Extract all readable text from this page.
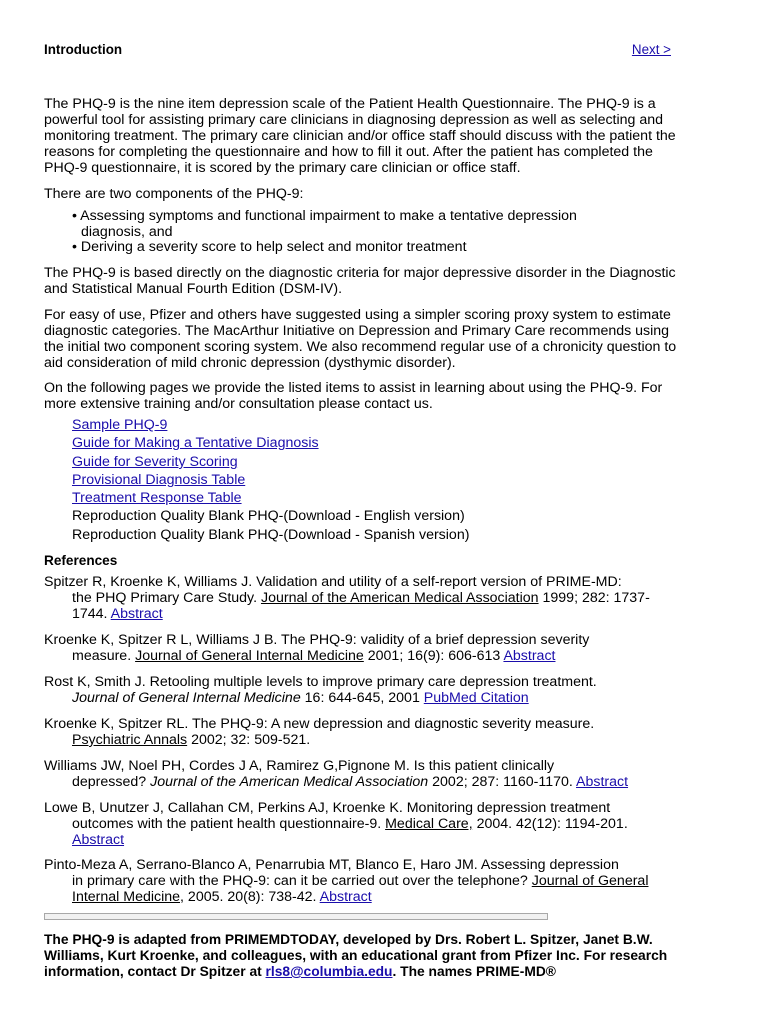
Introduction	Next >

The PHQ-9 is the nine item depression scale of the Patient Health Questionnaire. The PHQ-9 is a powerful tool for assisting primary care clinicians in diagnosing depression as well as selecting and monitoring treatment. The primary care clinician and/or office staff should discuss with the patient the reasons for completing the questionnaire and how to fill it out. After the patient has completed the PHQ-9 questionnaire, it is scored by the primary care clinician or office staff.

There are two components of the PHQ-9:

• Assessing symptoms and functional impairment to make a tentative depression
diagnosis, and

• Deriving a severity score to help select and monitor treatment

The PHQ-9 is based directly on the diagnostic criteria for major depressive disorder in the Diagnostic and Statistical Manual Fourth Edition (DSM-IV).

For easy of use, Pfizer and others have suggested using a simpler scoring proxy system to estimate diagnostic categories. The MacArthur Initiative on Depression and Primary Care recommends using the initial two component scoring system. We also recommend regular use of a chronicity question to aid consideration of mild chronic depression (dysthymic disorder).

On the following pages we provide the listed items to assist in learning about using the PHQ-9. For more extensive training and/or consultation please contact us.

Sample PHQ-9
Guide for Making a Tentative Diagnosis
Guide for Severity Scoring
Provisional Diagnosis Table
Treatment Response Table

Reproduction Quality Blank PHQ-(Download - English version)

Reproduction Quality Blank PHQ-(Download - Spanish version)

References

Spitzer R, Kroenke K, Williams J. Validation and utility of a self-report version of PRIME-MD:
the PHQ Primary Care Study. Journal of the American Medical Association 1999; 282: 1737-1744. Abstract

Kroenke K, Spitzer R L, Williams J B. The PHQ-9: validity of a brief depression severity
measure. Journal of General Internal Medicine 2001; 16(9): 606-613 Abstract

Rost K, Smith J. Retooling multiple levels to improve primary care depression treatment.
Journal of General Internal Medicine 16: 644-645, 2001 PubMed Citation

Kroenke K, Spitzer RL. The PHQ-9: A new depression and diagnostic severity measure.
Psychiatric Annals 2002; 32: 509-521.

Williams JW, Noel PH, Cordes J A, Ramirez G,Pignone M. Is this patient clinically
depressed? Journal of the American Medical Association 2002; 287: 1160-1170. Abstract

Lowe B, Unutzer J, Callahan CM, Perkins AJ, Kroenke K. Monitoring depression treatment
outcomes with the patient health questionnaire-9. Medical Care, 2004. 42(12): 1194-201.
Abstract

Pinto-Meza A, Serrano-Blanco A, Penarrubia MT, Blanco E, Haro JM. Assessing depression
in primary care with the PHQ-9: can it be carried out over the telephone? Journal of General Internal Medicine, 2005. 20(8): 738-42. Abstract

The PHQ-9 is adapted from PRIMEMDTODAY, developed by Drs. Robert L. Spitzer, Janet B.W. Williams, Kurt Kroenke, and colleagues, with an educational grant from Pfizer Inc. For research information, contact Dr Spitzer at rls8@columbia.edu. The names PRIME-MD®
